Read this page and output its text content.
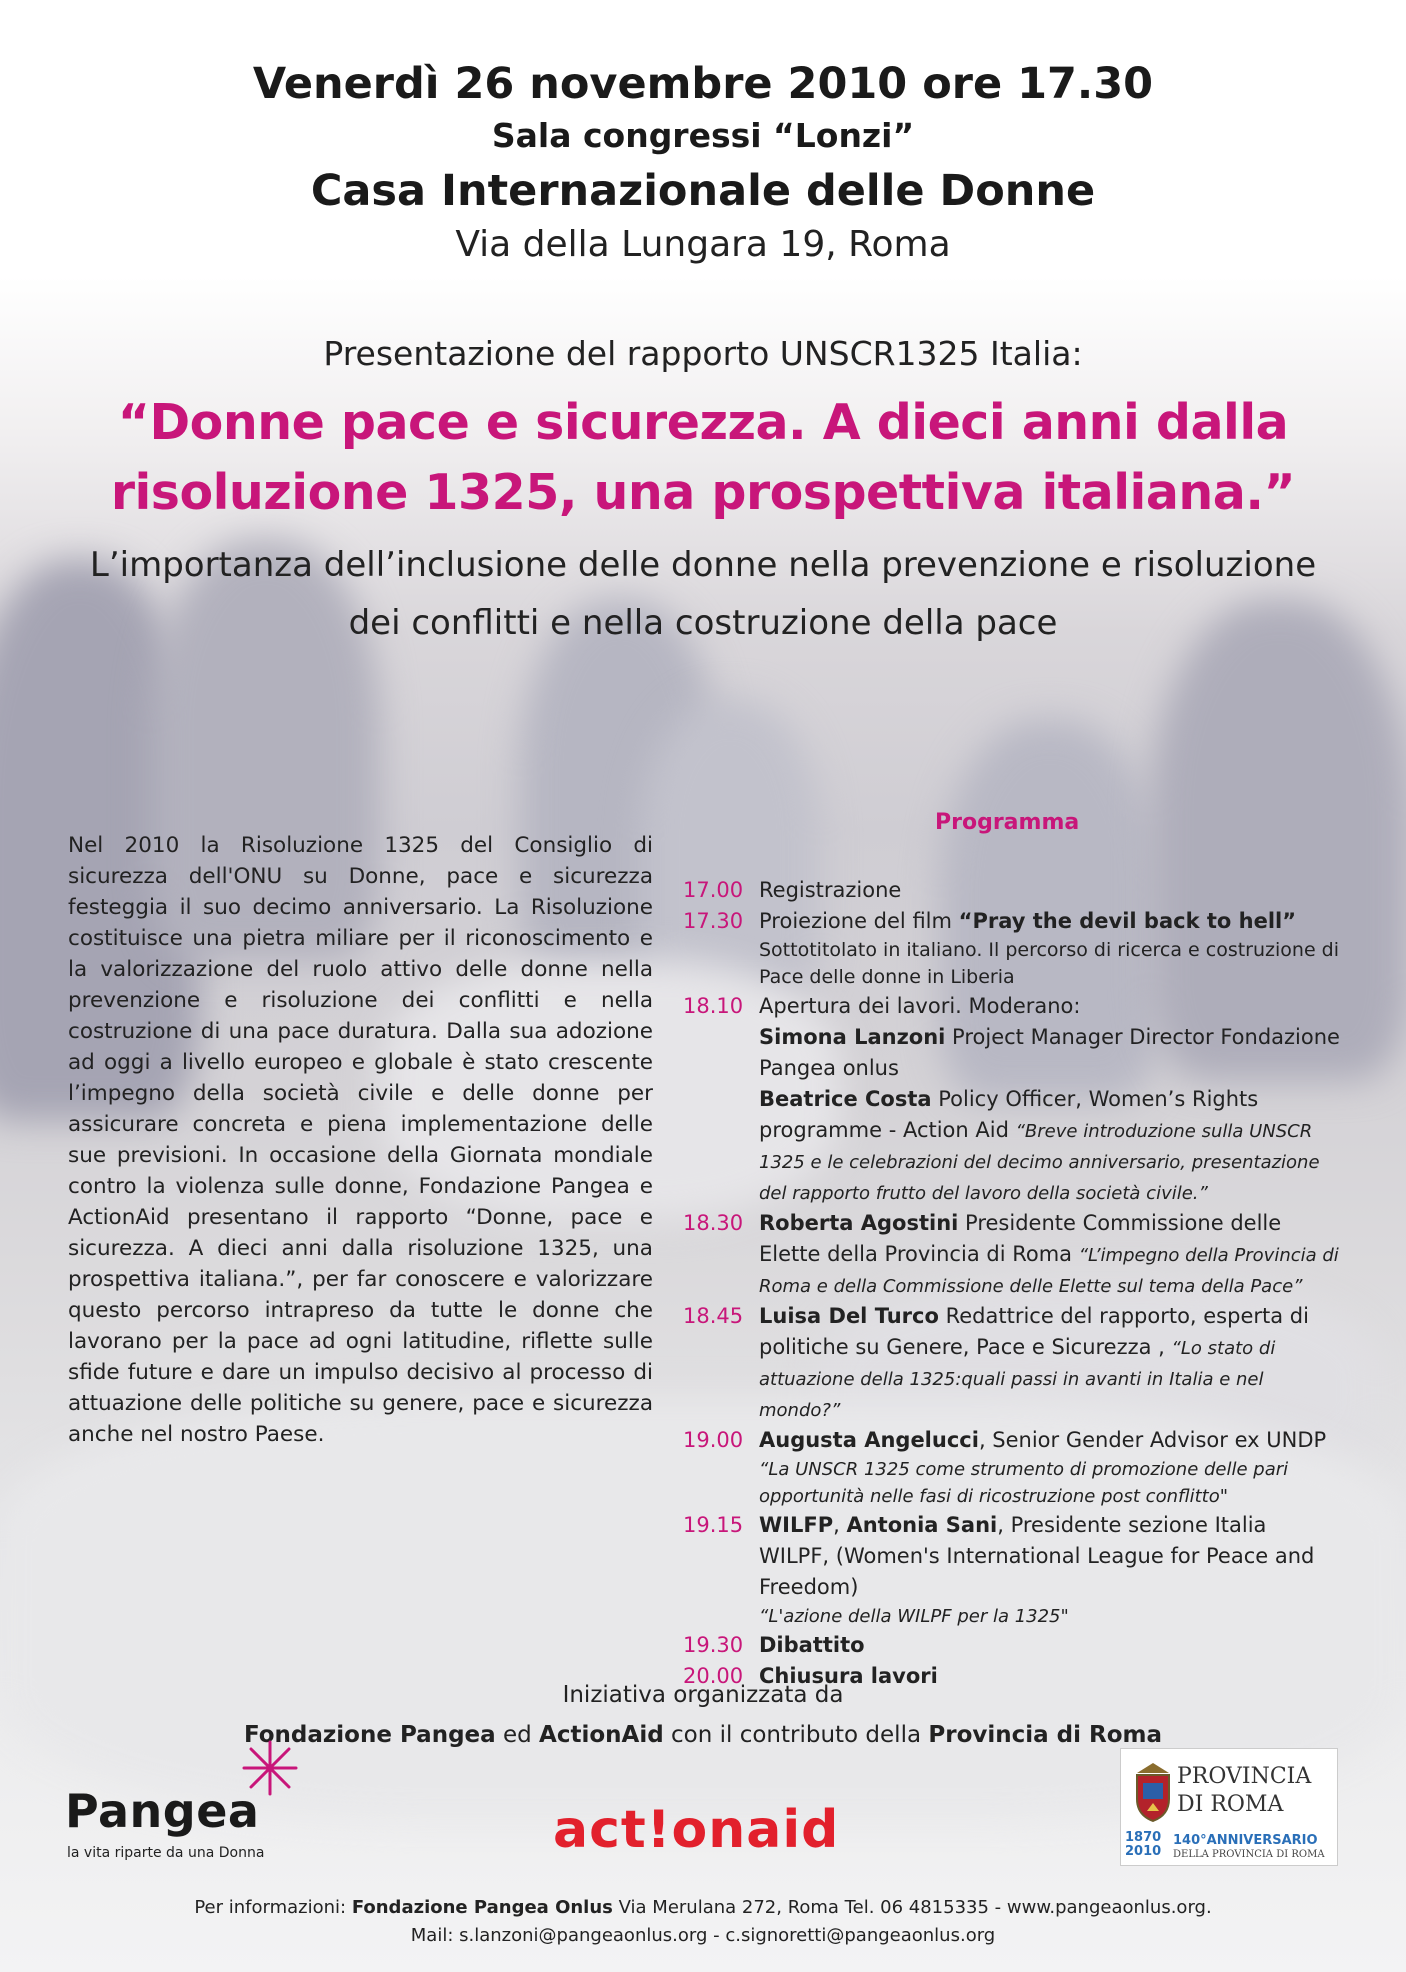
Venerdì 26 novembre 2010 ore 17.30
Sala congressi “Lonzi”
Casa Internazionale delle Donne
Via della Lungara 19, Roma
Presentazione del rapporto UNSCR1325 Italia:
“Donne pace e sicurezza. A dieci anni dalla
risoluzione 1325, una prospettiva italiana.”
L’importanza dell’inclusione delle donne nella prevenzione e risoluzione
dei conflitti e nella costruzione della pace
Nel 2010 la Risoluzione 1325 del Consiglio di sicurezza dell'ONU su Donne, pace e sicurezza festeggia il suo decimo anniversario. La Risoluzione costituisce una pietra miliare per il riconoscimento e la valorizzazione del ruolo attivo delle donne nella prevenzione e risoluzione dei conflitti e nella costruzione di una pace duratura. Dalla sua adozione ad oggi a livello europeo e globale è stato crescente l’impegno della società civile e delle donne per assicurare concreta e piena implementazione delle sue previsioni. In occasione della Giornata mondiale contro la violenza sulle donne, Fondazione Pangea e ActionAid presentano il rapporto “Donne, pace e sicurezza. A dieci anni dalla risoluzione 1325, una prospettiva italiana.”, per far conoscere e valorizzare questo percorso intrapreso da tutte le donne che lavorano per la pace ad ogni latitudine, riflette sulle sfide future e dare un impulso decisivo al processo di attuazione delle politiche su genere, pace e sicurezza anche nel nostro Paese.
Programma
17.00 Registrazione
17.30 Proiezione del film “Pray the devil back to hell”
Sottotitolato in italiano. Il percorso di ricerca e costruzione di Pace delle donne in Liberia
18.10 Apertura dei lavori. Moderano:
Simona Lanzoni Project Manager Director Fondazione Pangea onlus
Beatrice Costa Policy Officer, Women’s Rights programme - Action Aid “Breve introduzione sulla UNSCR 1325 e le celebrazioni del decimo anniversario, presentazione del rapporto frutto del lavoro della società civile.”
18.30 Roberta Agostini Presidente Commissione delle Elette della Provincia di Roma “L’impegno della Provincia di Roma e della Commissione delle Elette sul tema della Pace”
18.45 Luisa Del Turco Redattrice del rapporto, esperta di politiche su Genere, Pace e Sicurezza , “Lo stato di attuazione della 1325:quali passi in avanti in Italia e nel mondo?”
19.00 Augusta Angelucci, Senior Gender Advisor ex UNDP
“La UNSCR 1325 come strumento di promozione delle pari opportunità nelle fasi di ricostruzione post conflitto"
19.15 WILFP, Antonia Sani, Presidente sezione Italia WILPF, (Women's International League for Peace and Freedom)
“L'azione della WILPF per la 1325"
19.30 Dibattito
20.00 Chiusura lavori
Iniziativa organizzata da
Fondazione Pangea ed ActionAid con il contributo della Provincia di Roma
Pangea
la vita riparte da una Donna	act!onaid
PROVINCIA
DI ROMA
1870
2010
140°ANNIVERSARIO
DELLA PROVINCIA DI ROMA
Per informazioni: Fondazione Pangea Onlus Via Merulana 272, Roma Tel. 06 4815335 - www.pangeaonlus.org.
Mail: s.lanzoni@pangeaonlus.org - c.signoretti@pangeaonlus.org
